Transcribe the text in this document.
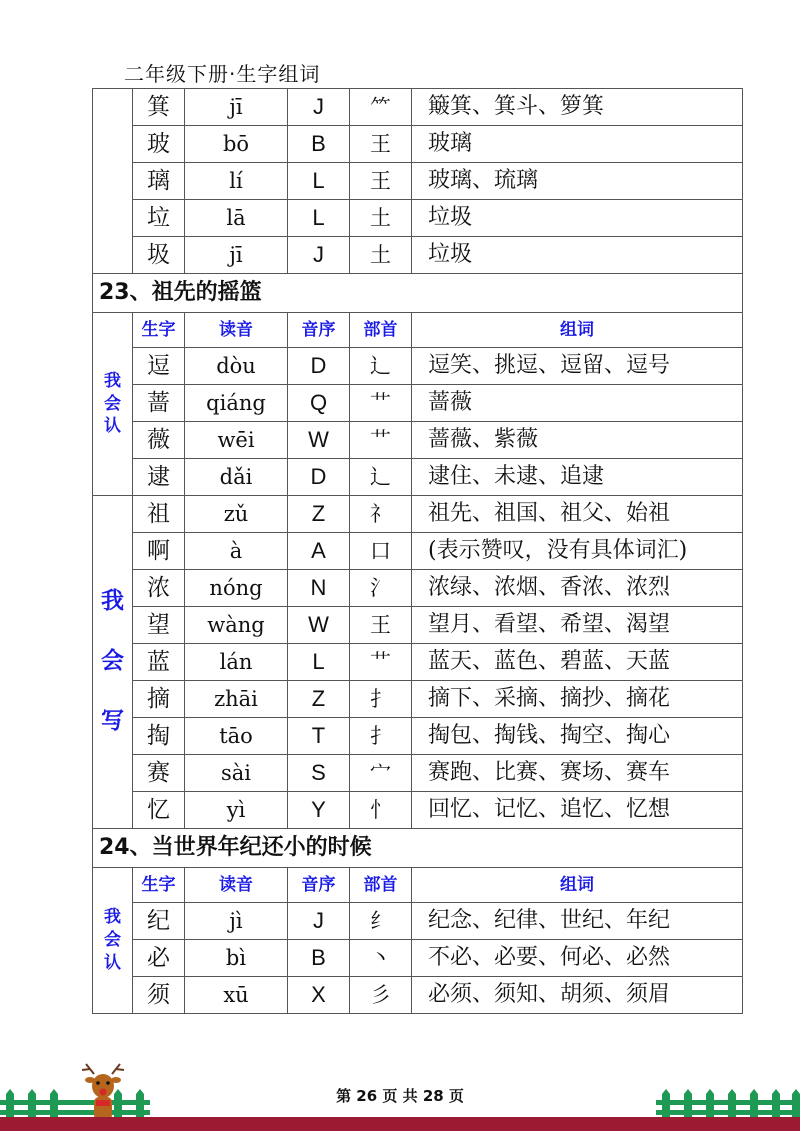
二年级下册·生字组词
	箕	jī	J	⺮	簸箕、箕斗、箩箕
	玻	bō	B	王	玻璃
	璃	lí	L	王	玻璃、琉璃
	垃	lā	L	土	垃圾
	圾	jī	J	土	垃圾
23、祖先的摇篮					
我
会
认	生字	读音	音序	部首	组词
	逗	dòu	D	辶	逗笑、挑逗、逗留、逗号
	蔷	qiáng	Q	艹	蔷薇
	薇	wēi	W	艹	蔷薇、紫薇
	逮	dǎi	D	辶	逮住、未逮、追逮
我
会
写	祖	zǔ	Z	礻	祖先、祖国、祖父、始祖
	啊	à	A	口	(表示赞叹，没有具体词汇)
	浓	nóng	N	氵	浓绿、浓烟、香浓、浓烈
	望	wàng	W	王	望月、看望、希望、渴望
	蓝	lán	L	艹	蓝天、蓝色、碧蓝、天蓝
	摘	zhāi	Z	扌	摘下、采摘、摘抄、摘花
	掏	tāo	T	扌	掏包、掏钱、掏空、掏心
	赛	sài	S	宀	赛跑、比赛、赛场、赛车
	忆	yì	Y	忄	回忆、记忆、追忆、忆想
24、当世界年纪还小的时候					
我
会
认	生字	读音	音序	部首	组词
	纪	jì	J	纟	纪念、纪律、世纪、年纪
	必	bì	B	丶	不必、必要、何必、必然
	须	xū	X	彡	必须、须知、胡须、须眉
第 26 页 共 28 页
